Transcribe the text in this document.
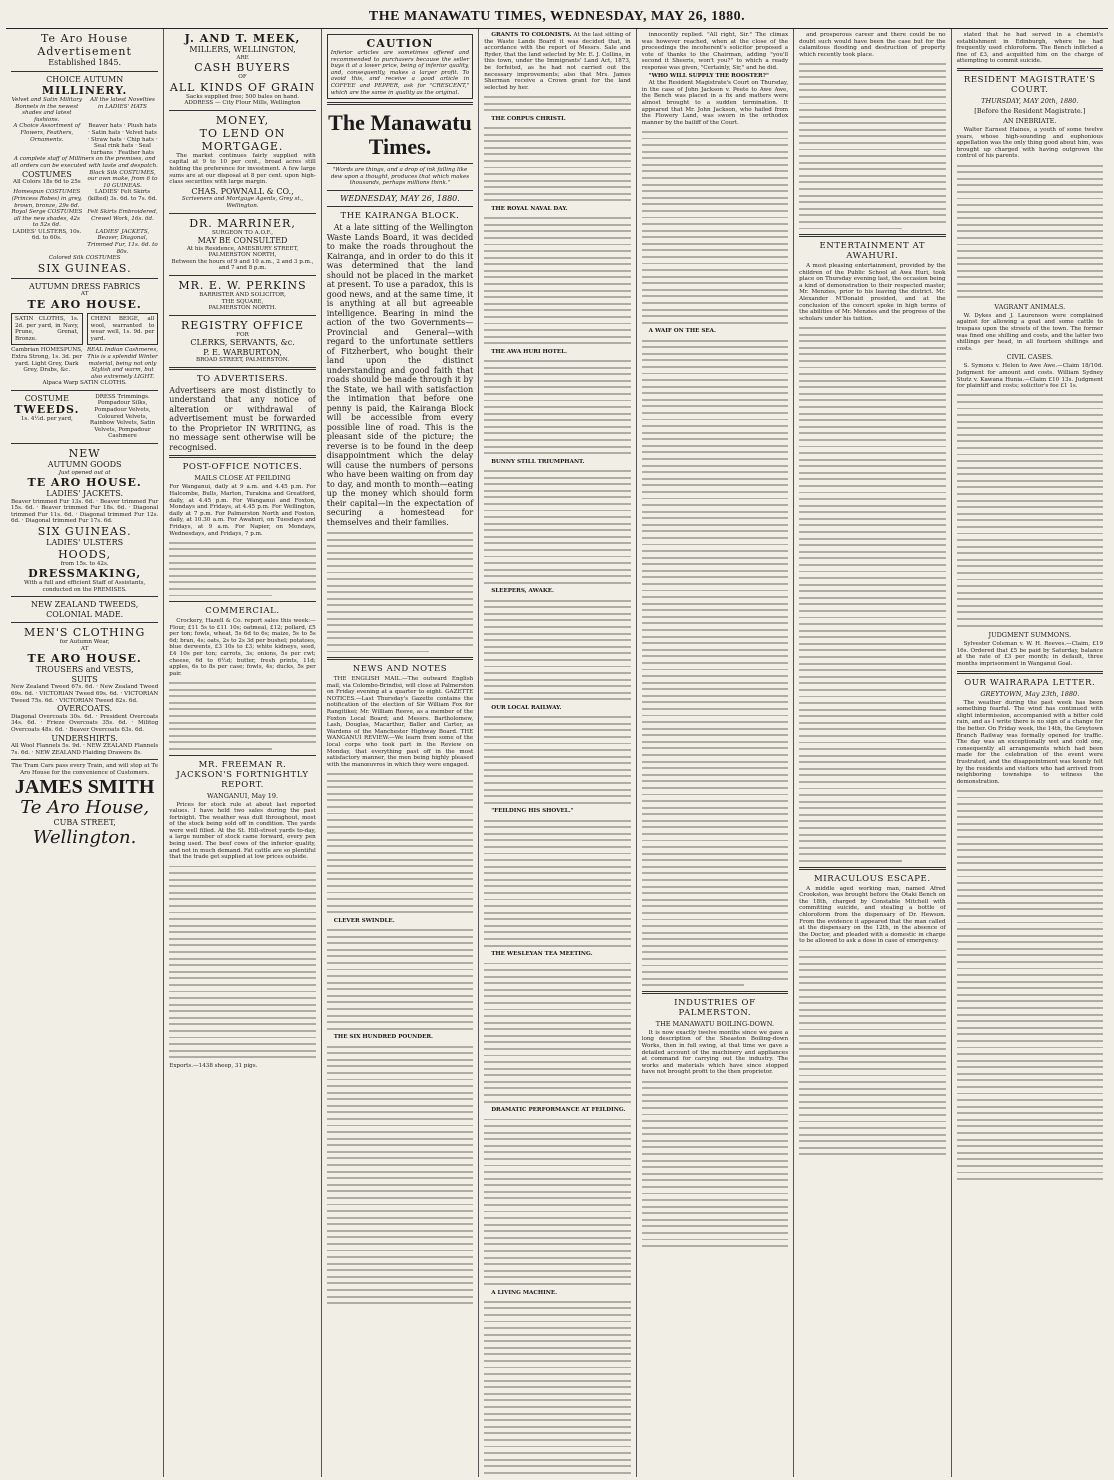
THE MANAWATU TIMES, WEDNESDAY, MAY 26, 1880.
Te Aro House Advertisement
Established 1845.
CHOICE AUTUMN
MILLINERY.
Velvet and Satin Military Bonnets in the newest shades and latest fashions.
All the latest Novelties in LADIES' HATS
A Choice Assortment of Flowers, Feathers, Ornaments.
Beaver hats · Plush hats · Satin hats · Velvet hats · Straw hats · Chip hats · Seal rink hats · Seal turbans · Feather hats
A complete staff of Milliners on the premises, and all orders can be executed with taste and despatch.
COSTUMES
All Colors 18s 6d to 25s
Black Silk COSTUMES, our own make, from 6 to 10 GUINEAS.
Homespun COSTUMES (Princess Robes) in grey, brown, bronze, 29s 6d.
LADIES' Felt Skirts (kilted) 3s. 6d. to 7s. 6d.
Royal Serge COSTUMES all the new shades, 42s to 52s 6d.
Felt Skirts Embroidered, Crewel Work, 16s. 6d.
LADIES' ULSTERS, 10s. 6d. to 60s.
LADIES' JACKETS, Beaver, Diagonal, Trimmed Fur, 11s. 6d. to 80s.
Colored Silk COSTUMES
SIX GUINEAS.
AUTUMN DRESS FABRICS
AT
TE ARO HOUSE.
SATIN CLOTHS, 1s. 2d. per yard, in Navy, Prune, Grenat, Bronze.
CHENI BEIGE, all wool, warranted to wear well, 1s. 9d. per yard.
Cambrian HOMESPUNS, Extra Strong, 1s. 3d. per yard. Light Grey, Dark Grey, Drabs, &c.
REAL Indian Cashmeres, This is a splendid Winter material, being not only Stylish and warm, but also extremely LIGHT.
Alpaca Warp SATIN CLOTHS.
COSTUME
TWEEDS.
1s. 4½d. per yard,
DRESS Trimmings. Pompadour Silks, Pompadour Velvets, Coloured Velvets, Rainbow Velvets, Satin Velvets, Pompadour Cashmere
NEW
AUTUMN GOODS
Just opened out at
TE ARO HOUSE.
LADIES' JACKETS.
Beaver trimmed Fur 13s. 6d. · Beaver trimmed Fur 15s. 6d. · Beaver trimmed Fur 18s. 6d. · Diagonal trimmed Fur 11s. 6d. · Diagonal trimmed Fur 12s. 6d. · Diagonal trimmed Fur 17s. 6d.
SIX GUINEAS.
LADIES' ULSTERS
HOODS,
from 15s. to 42s.
DRESSMAKING,
With a full and efficient Staff of Assistants, conducted on the PREMISES.
NEW ZEALAND TWEEDS, COLONIAL MADE.
MEN'S CLOTHING
for Autumn Wear,
AT
TE ARO HOUSE.
TROUSERS and VESTS,
SUITS
New Zealand Tweed 67s. 6d. · New Zealand Tweed 69s. 6d. · VICTORIAN Tweed 69s. 6d. · VICTORIAN Tweed 75s. 6d. · VICTORIAN Tweed 82s. 6d.
OVERCOATS.
Diagonal Overcoats 30s. 6d. · President Overcoats 34s. 6d. · Frieze Overcoats 35s. 6d. · Militog Overcoats 48s. 6d. · Beaver Overcoats 63s. 6d.
UNDERSHIRTS.
All Wool Flannels 5s. 9d. · NEW ZEALAND Flannels 7s. 6d. · NEW ZEALAND Flaiding Drawers 8s.
The Tram Cars pass every Train, and will stop at Te Aro House for the convenience of Customers.
JAMES SMITH
Te Aro House,
CUBA STREET,
Wellington.
J. AND T. MEEK,
MILLERS, WELLINGTON,
ARE
CASH BUYERS
OF
ALL KINDS OF GRAIN
Sacks supplied free; 500 bales on hand.
ADDRESS — City Flour Mills, Wellington
MONEY,
TO LEND ON MORTGAGE.
The market continues fairly supplied with capital at 9 to 10 per cent., broad acres still holding the preference for investment. A few large sums are at our disposal at 8 per cent. upon high-class securities with large margin.
CHAS. POWNALL & CO.,
Scriveners and Mortgage Agents, Grey st., Wellington.
DR. MARRINER,
SURGEON TO A.O.F.,
MAY BE CONSULTED
At his Residence, AMESBURY STREET, PALMERSTON NORTH,
Between the hours of 9 and 10 a.m., 2 and 3 p.m., and 7 and 8 p.m.
MR. E. W. PERKINS
BARRISTER AND SOLICITOR,
THE SQUARE,
PALMERSTON NORTH.
REGISTRY OFFICE
FOR
CLERKS, SERVANTS, &c.
P. E. WARBURTON,
BROAD STREET, PALMERSTON.
TO ADVERTISERS.
Advertisers are most distinctly to understand that any notice of alteration or withdrawal of advertisement must be forwarded to the Proprietor IN WRITING, as no message sent otherwise will be recognised.
POST-OFFICE NOTICES.
MAILS CLOSE AT FEILDING
For Wanganui, daily at 9 a.m. and 4.45 p.m. For Halcombe, Bulls, Marton, Turakina and Greatford, daily, at 4.45 p.m. For Wanganui and Foxton, Mondays and Fridays, at 4.45 p.m. For Wellington, daily at 7 p.m. For Palmerston North and Foxton, daily, at 10.30 a.m. For Awahuri, on Tuesdays and Fridays, at 9 a.m. For Napier, on Mondays, Wednesdays, and Fridays, 7 p.m.
COMMERCIAL.
Crockery, Hazell & Co. report sales this week:— Flour, £11 5s to £11 10s; oatmeal, £12; pollard, £5 per ton; fowls, wheat, 5s 6d to 6s; maize, 5s to 5s 6d; bran, 4s; oats, 2s to 2s 3d per bushel; potatoes, blue derwents, £3 10s to £3; white kidneys, seed, £4 10s per ton; carrots, 3s; onions, 5s per cwt; cheese, 6d to 6½d; butter, fresh prints, 11d; apples, 6s to 8s per case; fowls, 4s; ducks, 5s per pair.
MR. FREEMAN R. JACKSON'S FORTNIGHTLY REPORT.
WANGANUI, May 19.
Prices for stock rule at about last reported values. I have held two sales during the past fortnight. The weather was dull throughout, most of the stock being sold off in condition. The yards were well filled. At the St. Hill-street yards to-day, a large number of stock came forward, every pen being used. The beef cows of the inferior quality, and not in much demand. Fat cattle are so plentiful that the trade get supplied at low prices outside.
Exports.—1438 sheep, 31 pigs.
CAUTION
Inferior articles are sometimes offered and recommended to purchasers because the seller buys it at a lower price, being of inferior quality, and, consequently, makes a larger profit. To avoid this, and receive a good article in COFFEE and PEPPER, ask for "CRESCENT," which are the same in quality as the original.
The Manawatu Times.
"Words are things, and a drop of ink falling like dew upon a thought, produces that which makes thousands, perhaps millions think."
WEDNESDAY, MAY 26, 1880.
THE KAIRANGA BLOCK.
At a late sitting of the Wellington Waste Lands Board, it was decided to make the roads throughout the Kairanga, and in order to do this it was determined that the land should not be placed in the market at present. To use a paradox, this is good news, and at the same time, it is anything at all but agreeable intelligence. Bearing in mind the action of the two Governments—Provincial and General—with regard to the unfortunate settlers of Fitzherbert, who bought their land upon the distinct understanding and good faith that roads should be made through it by the State, we hail with satisfaction the intimation that before one penny is paid, the Kairanga Block will be accessible from every possible line of road. This is the pleasant side of the picture; the reverse is to be found in the deep disappointment which the delay will cause the numbers of persons who have been waiting on from day to day, and month to month—eating up the money which should form their capital—in the expectation of securing a homestead for themselves and their families.
NEWS AND NOTES
THE ENGLISH MAIL.—The outward English mail, via Colombo-Brindisi, will close at Palmerston on Friday evening at a quarter to eight. GAZETTE NOTICES.—Last Thursday's Gazette contains the notification of the election of Sir William Fox for Rangitikei; Mr. William Reeve, as a member of the Foxton Local Board; and Messrs. Bartholomew, Lash, Douglas, Macarthur, Baller and Carter, as Wardens of the Manchester Highway Board. THE WANGANUI REVIEW.—We learn from some of the local corps who took part in the Review on Monday, that everything past off in the most satisfactory manner, the men being highly pleased with the manœuvres in which they were engaged.
CLEVER SWINDLE.
THE SIX HUNDRED POUNDER.
GRANTS TO COLONISTS. At the last sitting of the Waste Lands Board it was decided that, in accordance with the report of Messrs. Sale and Ryder, that the land selected by Mr. E. J. Collins, in this town, under the Immigrants' Land Act, 1873, be forfeited, as he had not carried out the necessary improvements; also that Mrs. James Sherman receive a Crown grant for the land selected by her.
THE CORPUS CHRISTI.
THE ROYAL NAVAL DAY.
THE AWA HURI HOTEL.
BUNNY STILL TRIUMPHANT.
SLEEPERS, AWAKE.
OUR LOCAL RAILWAY.
"FEILDING HIS SHOVEL."
THE WESLEYAN TEA MEETING.
DRAMATIC PERFORMANCE AT FEILDING.
A LIVING MACHINE.
innocently replied. "All right, Sir." The climax was however reached, when at the close of the proceedings the incoherent's solicitor proposed a vote of thanks to the Chairman, adding "you'll second it Sheeris, won't you?" to which a ready response was given, "Certainly, Sir," and he did.
"WHO WILL SUPPLY THE ROOSTER?"
At the Resident Magistrate's Court on Thursday, in the case of John Jackson v. Peete to Awe Awe, the Bench was placed in a fix and matters were almost brought to a sudden termination. It appeared that Mr. John Jackson, who hailed from the Flowery Land, was sworn in the orthodox manner by the bailiff of the Court.
A WAIF ON THE SEA.
INDUSTRIES OF PALMERSTON.
THE MANAWATU BOILING-DOWN.
It is now exactly twelve months since we gave a long description of the Sheaston Boiling-down Works, then in full swing, at that time we gave a detailed account of the machinery and appliances at command for carrying out the industry. The works and materials which have since stopped have not brought profit to the then proprietor.
and prosperous career and there could be no doubt such would have been the case but for the calamitous flooding and destruction of property which recently took place.
ENTERTAINMENT AT AWAHURI.
A most pleasing entertainment, provided by the children of the Public School at Awa Huri, took place on Thursday evening last, the occasion being a kind of demonstration to their respected master, Mr. Menzies, prior to his leaving the district. Mr. Alexander M'Donald presided, and at the conclusion of the concert spoke in high terms of the abilities of Mr. Menzies and the progress of the scholars under his tuition.
MIRACULOUS ESCAPE.
A middle aged working man, named Afred Crookston, was brought before the Otaki Bench on the 18th, charged by Constable Mitchell with committing suicide, and stealing a bottle of chloroform from the dispensary of Dr. Hewson. From the evidence it appeared that the man called at the dispensary on the 12th, in the absence of the Doctor, and pleaded with a domestic in charge to be allowed to ask a dose in case of emergency.
stated that he had served in a chemist's establishment in Edinburgh, where he had frequently used chloroform. The Bench inflicted a fine of £3, and acquitted him on the charge of attempting to commit suicide.
RESIDENT MAGISTRATE'S COURT.
THURSDAY, MAY 20th, 1880.
[Before the Resident Magistrate.]
AN INEBRIATE.
Walter Earnest Haines, a youth of some twelve years, whose high-sounding and euphonious appellation was the only thing good about him, was brought up charged with having outgrown the control of his parents.
VAGRANT ANIMALS.
W. Dykes and J. Laurenson were complained against for allowing a goat and some cattle to trespass upon the streets of the town. The former was fined one shilling and costs, and the latter two shillings per head, in all fourteen shillings and costs.
CIVIL CASES.
S. Symons v. Helen to Awe Awe.—Claim 18/10d. Judgment for amount and costs. William Sydney Stutz v. Kawana Hunia.—Claim £10 13s. Judgment for plaintiff and costs; solicitor's fee £1 1s.
JUDGMENT SUMMONS.
Sylvester Coleman v. W. H. Reeves.—Claim, £19 16s. Ordered that £5 be paid by Saturday, balance at the rate of £3 per month; in default, three months imprisonment in Wanganui Goal.
OUR WAIRARAPA LETTER.
GREYTOWN, May 23th, 1880.
The weather during the past week has been something fearful. The wind has continued with slight intermission, accompanied with a bitter cold rain, and as I write there is no sign of a change for the better. On Friday week, the 14th, the Greytown Branch Railway was formally opened for traffic. The day was an exceptionally wet and cold one, consequently all arrangements which had been made for the celebration of the event were frustrated, and the disappointment was keenly felt by the residents and visitors who had arrived from neighboring townships to witness the demonstration.
